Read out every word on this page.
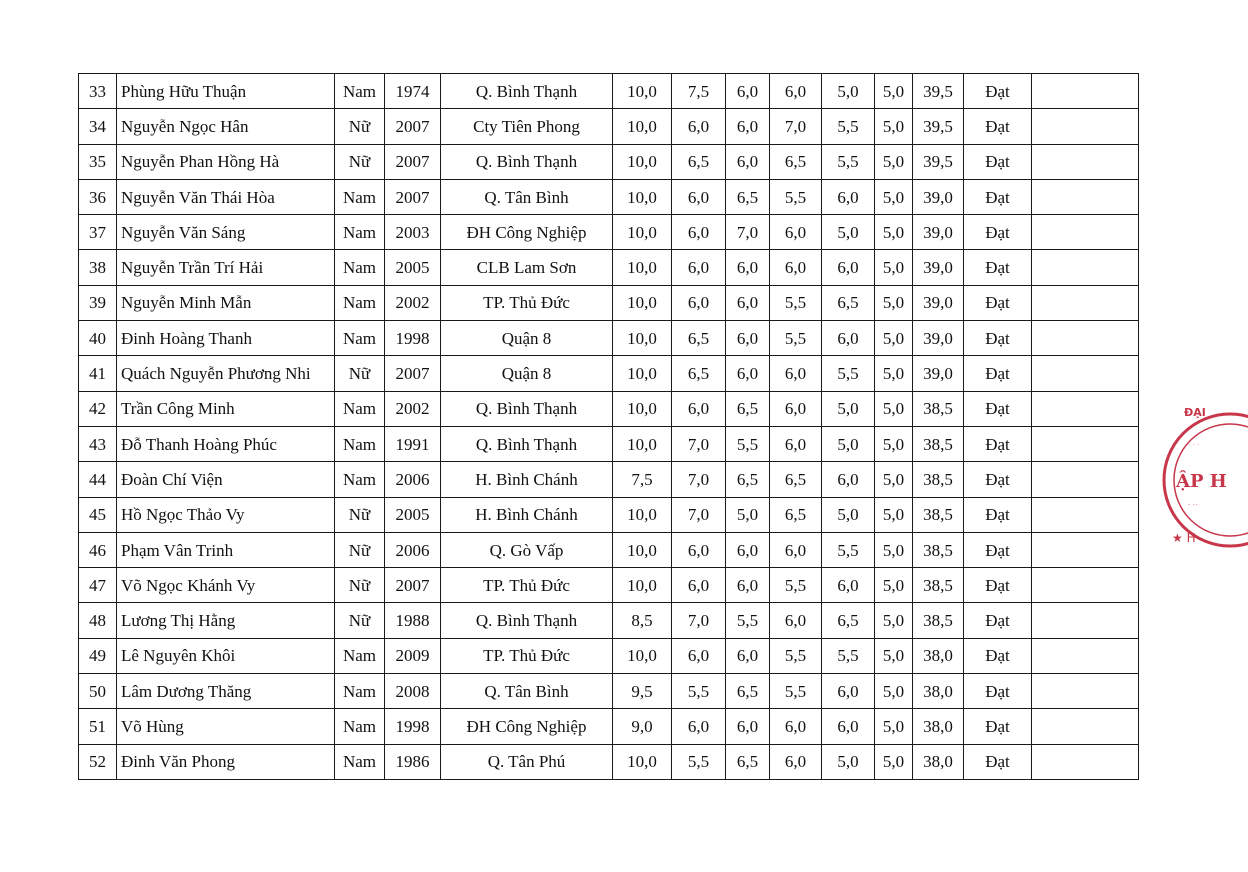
33	Phùng Hữu Thuận	Nam	1974	Q. Bình Thạnh	10,0	7,5	6,0	6,0	5,0	5,0	39,5	Đạt	
34	Nguyễn Ngọc Hân	Nữ	2007	Cty Tiên Phong	10,0	6,0	6,0	7,0	5,5	5,0	39,5	Đạt	
35	Nguyễn Phan Hồng Hà	Nữ	2007	Q. Bình Thạnh	10,0	6,5	6,0	6,5	5,5	5,0	39,5	Đạt	
36	Nguyễn Văn Thái Hòa	Nam	2007	Q. Tân Bình	10,0	6,0	6,5	5,5	6,0	5,0	39,0	Đạt	
37	Nguyễn Văn Sáng	Nam	2003	ĐH Công Nghiệp	10,0	6,0	7,0	6,0	5,0	5,0	39,0	Đạt	
38	Nguyễn Trần Trí Hải	Nam	2005	CLB Lam Sơn	10,0	6,0	6,0	6,0	6,0	5,0	39,0	Đạt	
39	Nguyễn Minh Mẫn	Nam	2002	TP. Thủ Đức	10,0	6,0	6,0	5,5	6,5	5,0	39,0	Đạt	
40	Đinh Hoàng Thanh	Nam	1998	Quận 8	10,0	6,5	6,0	5,5	6,0	5,0	39,0	Đạt	
41	Quách Nguyễn Phương Nhi	Nữ	2007	Quận 8	10,0	6,5	6,0	6,0	5,5	5,0	39,0	Đạt	
42	Trần Công Minh	Nam	2002	Q. Bình Thạnh	10,0	6,0	6,5	6,0	5,0	5,0	38,5	Đạt	
43	Đỗ Thanh Hoàng Phúc	Nam	1991	Q. Bình Thạnh	10,0	7,0	5,5	6,0	5,0	5,0	38,5	Đạt	
44	Đoàn Chí Viện	Nam	2006	H. Bình Chánh	7,5	7,0	6,5	6,5	6,0	5,0	38,5	Đạt	
45	Hồ Ngọc Thảo Vy	Nữ	2005	H. Bình Chánh	10,0	7,0	5,0	6,5	5,0	5,0	38,5	Đạt	
46	Phạm Vân Trinh	Nữ	2006	Q. Gò Vấp	10,0	6,0	6,0	6,0	5,5	5,0	38,5	Đạt	
47	Võ Ngọc Khánh Vy	Nữ	2007	TP. Thủ Đức	10,0	6,0	6,0	5,5	6,0	5,0	38,5	Đạt	
48	Lương Thị Hằng	Nữ	1988	Q. Bình Thạnh	8,5	7,0	5,5	6,0	6,5	5,0	38,5	Đạt	
49	Lê Nguyên Khôi	Nam	2009	TP. Thủ Đức	10,0	6,0	6,0	5,5	5,5	5,0	38,0	Đạt	
50	Lâm Dương Thăng	Nam	2008	Q. Tân Bình	9,5	5,5	6,5	5,5	6,0	5,0	38,0	Đạt	
51	Võ Hùng	Nam	1998	ĐH Công Nghiệp	9,0	6,0	6,0	6,0	6,0	5,0	38,0	Đạt	
52	Đinh Văn Phong	Nam	1986	Q. Tân Phú	10,0	5,5	6,5	6,0	5,0	5,0	38,0	Đạt	
ĐẠI
ẬP H
★ H
· · ·
- -·
